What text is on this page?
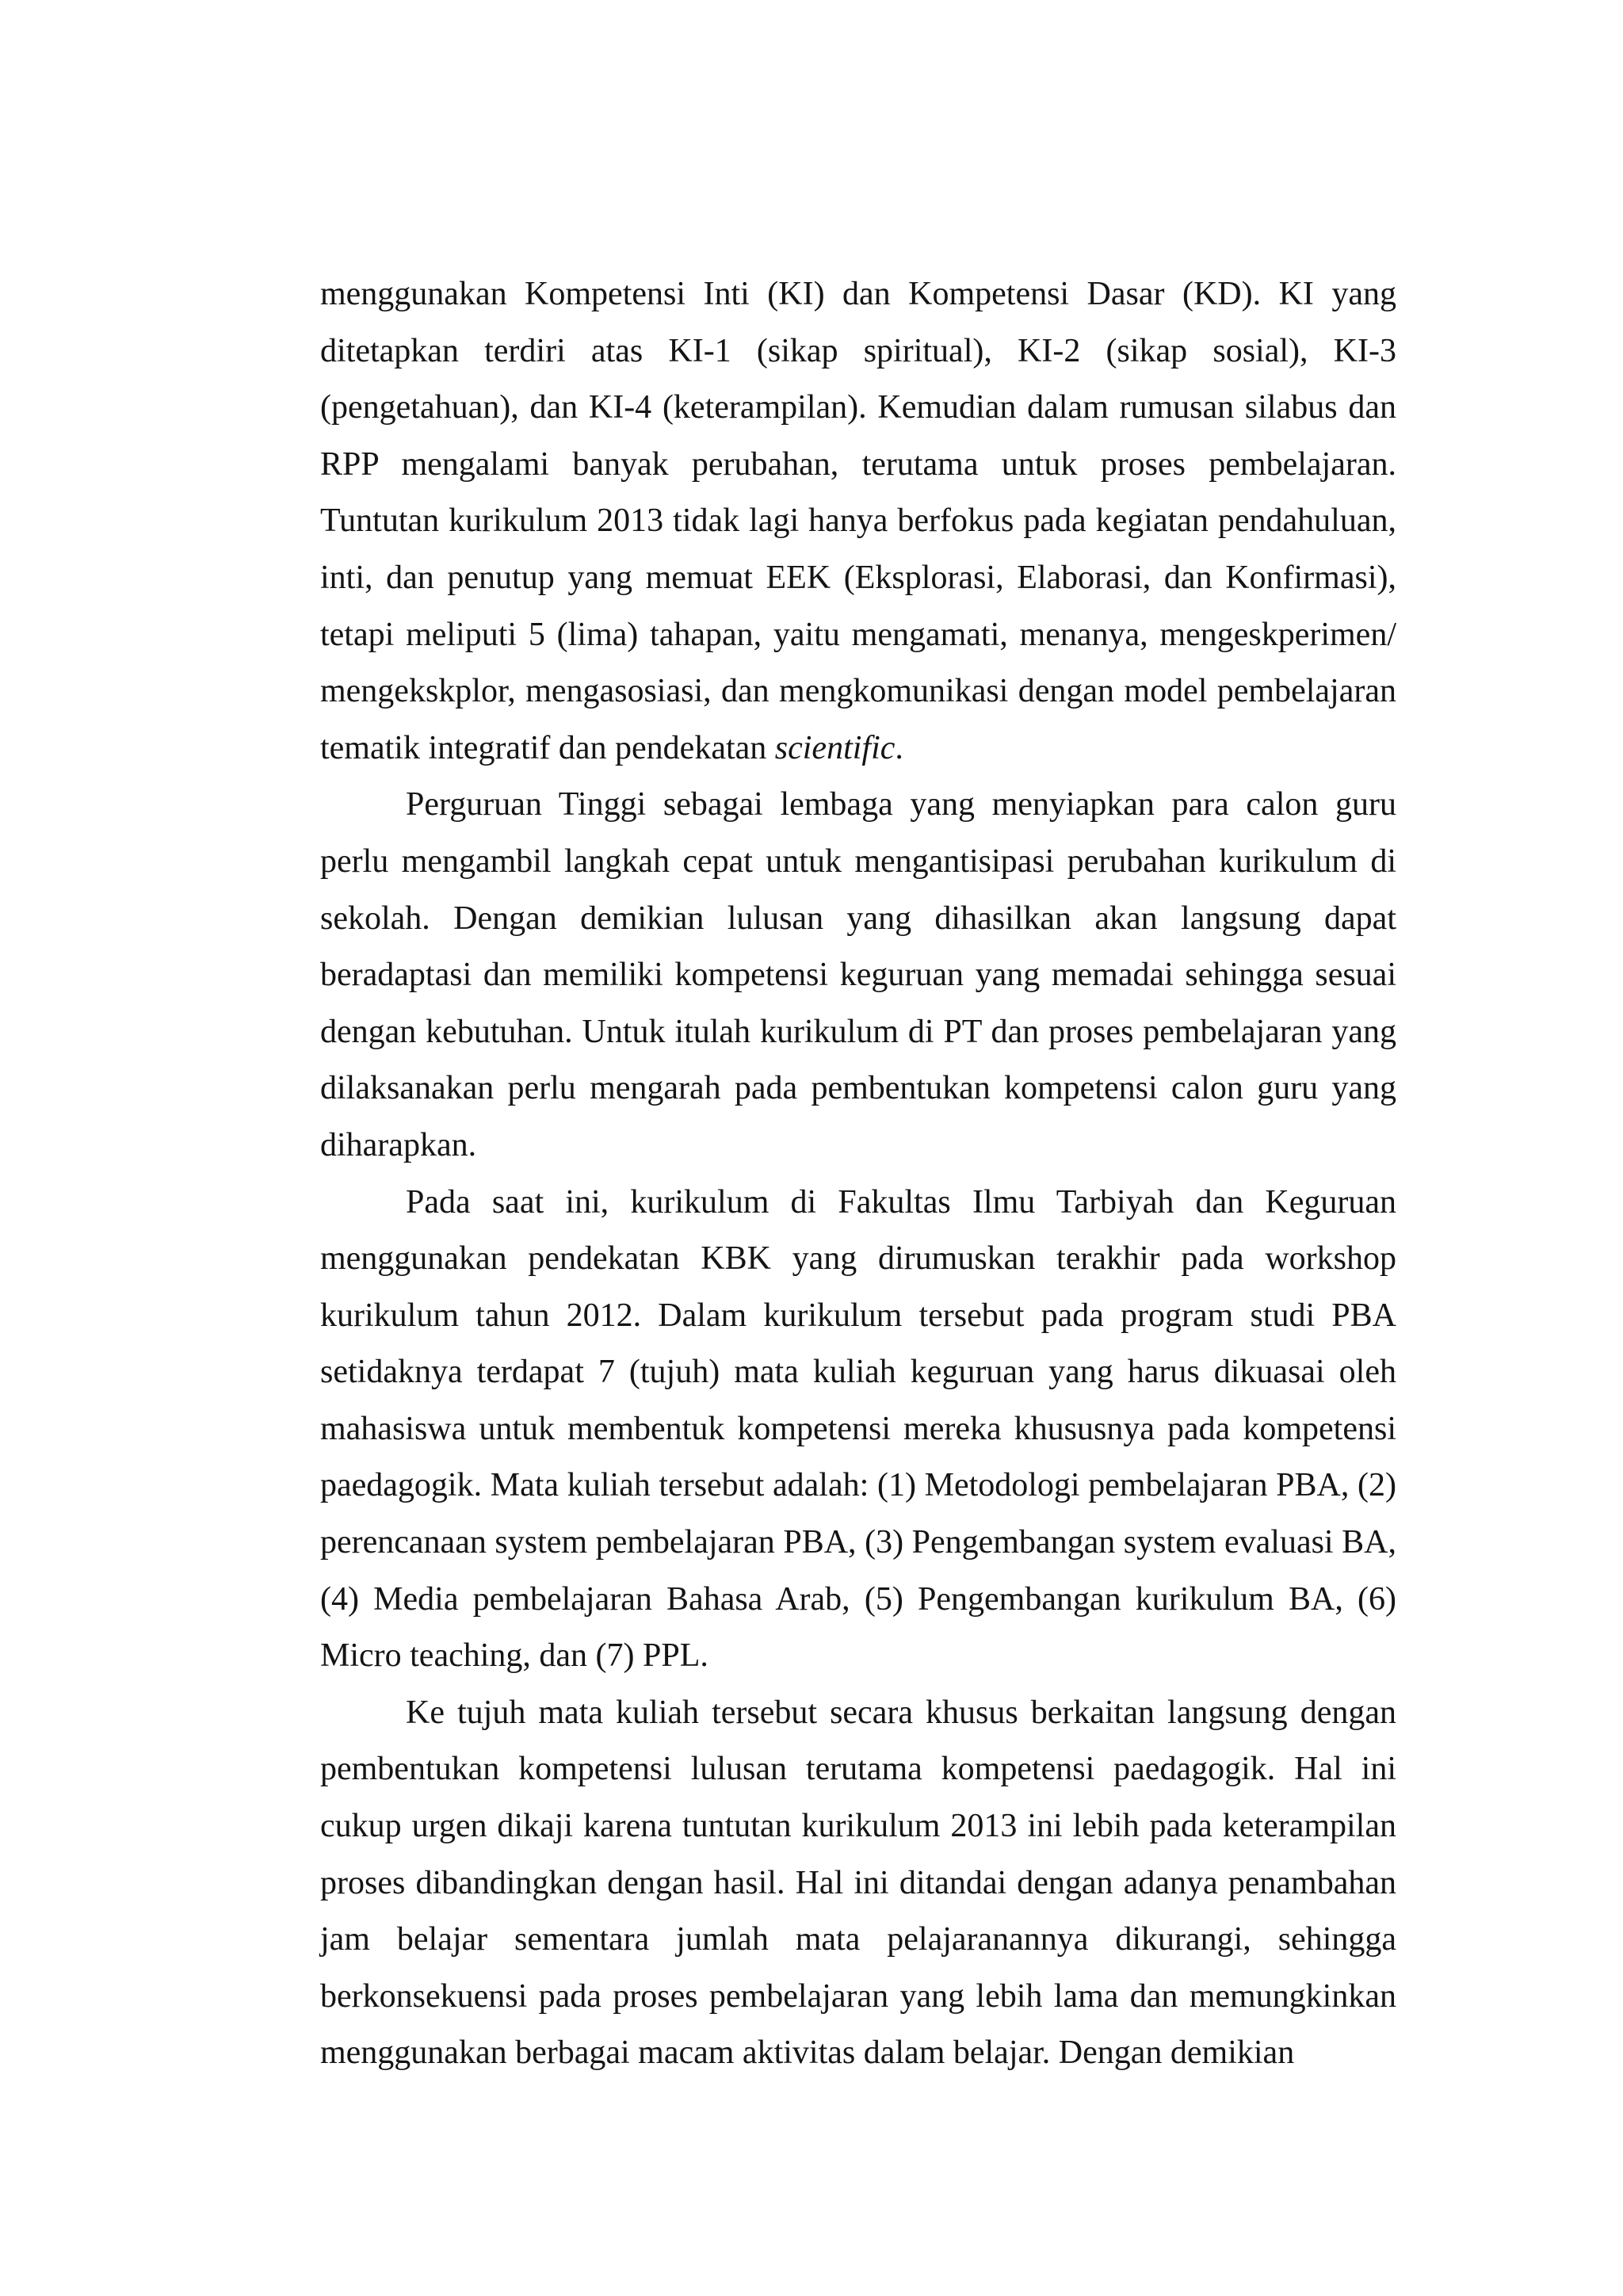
menggunakan Kompetensi Inti (KI) dan Kompetensi Dasar (KD). KI yang ditetapkan terdiri atas KI-1 (sikap spiritual), KI-2 (sikap sosial), KI-3 (pengetahuan), dan KI-4 (keterampilan). Kemudian dalam rumusan silabus dan RPP mengalami banyak perubahan, terutama untuk proses pembelajaran. Tuntutan kurikulum 2013 tidak lagi hanya berfokus pada kegiatan pendahuluan, inti, dan penutup yang memuat EEK (Eksplorasi, Elaborasi, dan Konfirmasi), tetapi meliputi 5 (lima) tahapan, yaitu mengamati, menanya, mengeskperimen/ mengekskplor, mengasosiasi, dan mengkomunikasi dengan model pembelajaran tematik integratif dan pendekatan scientific.

Perguruan Tinggi sebagai lembaga yang menyiapkan para calon guru perlu mengambil langkah cepat untuk mengantisipasi perubahan kurikulum di sekolah. Dengan demikian lulusan yang dihasilkan akan langsung dapat beradaptasi dan memiliki kompetensi keguruan yang memadai sehingga sesuai dengan kebutuhan. Untuk itulah kurikulum di PT dan proses pembelajaran yang dilaksanakan perlu mengarah pada pembentukan kompetensi calon guru yang diharapkan.

Pada saat ini, kurikulum di Fakultas Ilmu Tarbiyah dan Keguruan menggunakan pendekatan KBK yang dirumuskan terakhir pada workshop kurikulum tahun 2012. Dalam kurikulum tersebut pada program studi PBA setidaknya terdapat 7 (tujuh) mata kuliah keguruan yang harus dikuasai oleh mahasiswa untuk membentuk kompetensi mereka khususnya pada kompetensi paedagogik. Mata kuliah tersebut adalah: (1) Metodologi pembelajaran PBA, (2) perencanaan system pembelajaran PBA, (3) Pengembangan system evaluasi BA, (4) Media pembelajaran Bahasa Arab, (5) Pengembangan kurikulum BA, (6) Micro teaching, dan (7) PPL.

Ke tujuh mata kuliah tersebut secara khusus berkaitan langsung dengan pembentukan kompetensi lulusan terutama kompetensi paedagogik. Hal ini cukup urgen dikaji karena tuntutan kurikulum 2013 ini lebih pada keterampilan proses dibandingkan dengan hasil. Hal ini ditandai dengan adanya penambahan jam belajar sementara jumlah mata pelajaranannya dikurangi, sehingga berkonsekuensi pada proses pembelajaran yang lebih lama dan memungkinkan menggunakan berbagai macam aktivitas dalam belajar. Dengan demikian
